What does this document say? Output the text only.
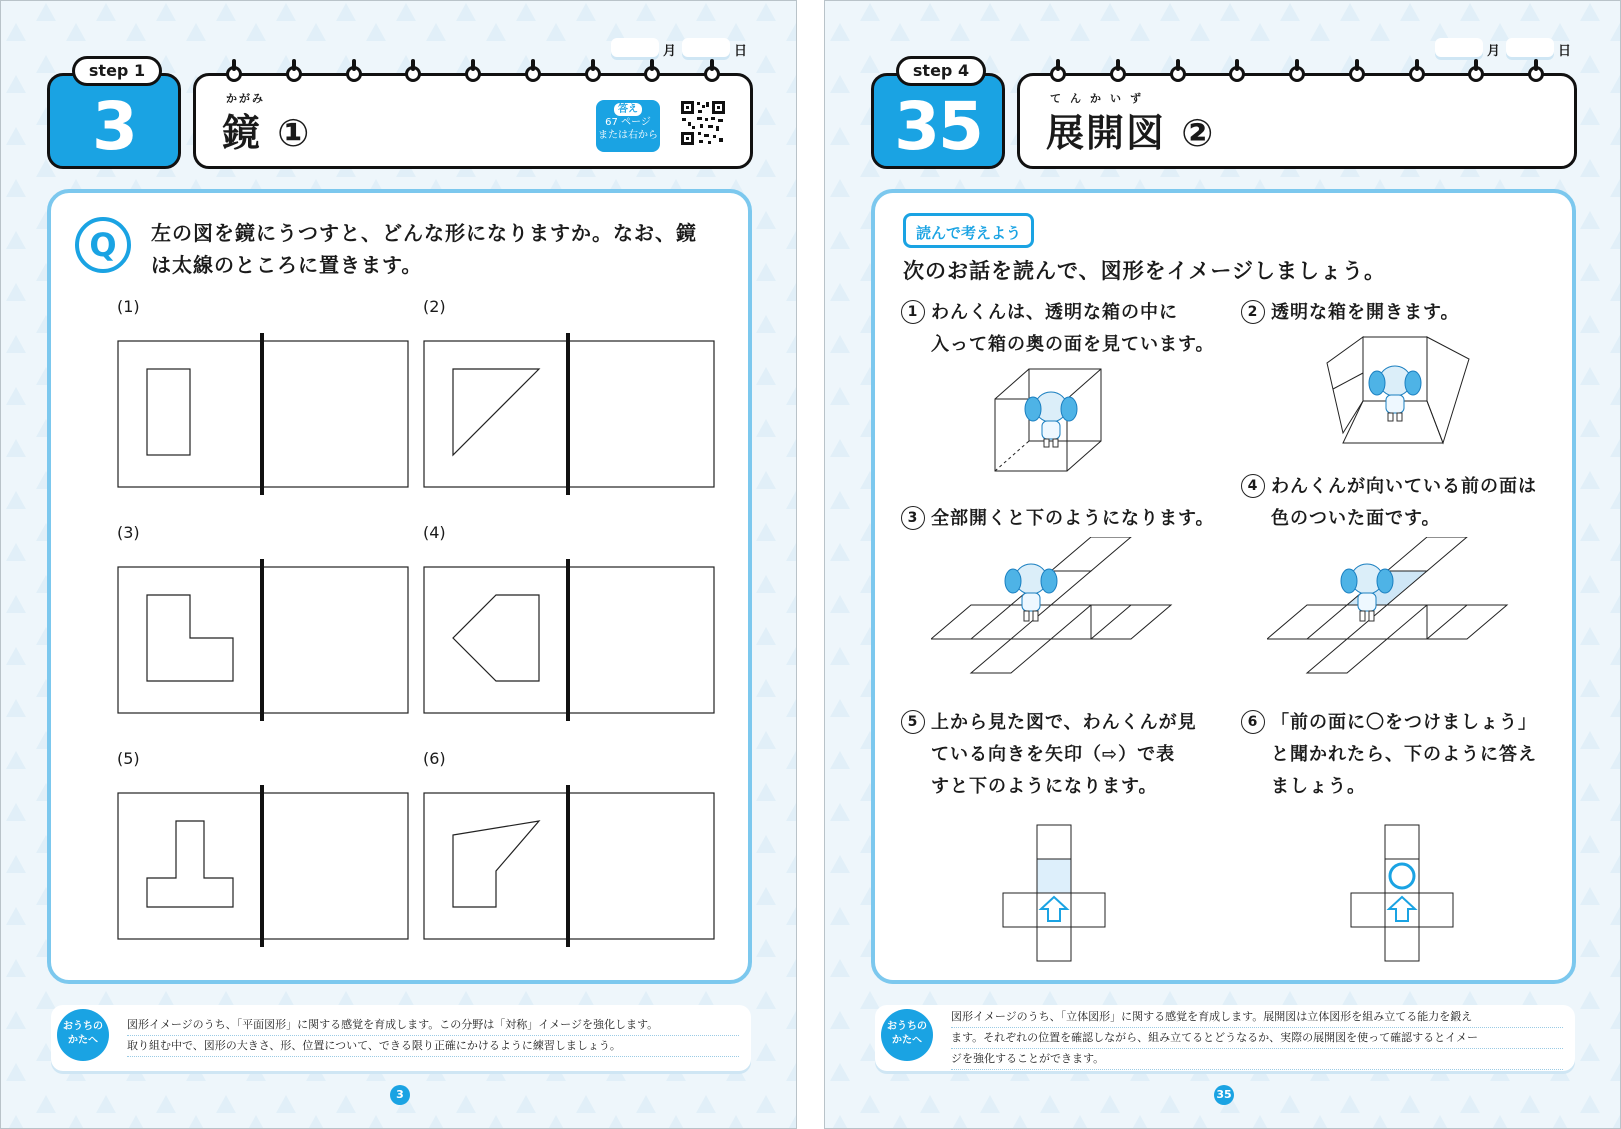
月	日
step 1
3	かがみ
鏡 ①
答え
67 ページ
または右から
Q	左の図を鏡にうつすと、どんな形になりますか。なお、鏡
は太線のところに置きます。
(1)	(2)
(3)	(4)
(5)	(6)
おうちの
かたへ
図形イメージのうち、「平面図形」に関する感覚を育成します。この分野は「対称」イメージを強化します。
取り組む中で、図形の大きさ、形、位置について、できる限り正確にかけるように練習しましょう。
3
月	日
step 4
35	てんかいず
展開図 ②
読んで考えよう
次のお話を読んで、図形をイメージしましょう。
1 わんくんは、透明な箱の中に
入って箱の奥の面を見ています。
2 透明な箱を開きます。
3 全部開くと下のようになります。
4 わんくんが向いている前の面は
色のついた面です。
5 上から見た図で、わんくんが見
ている向きを矢印（⇨）で表
すと下のようになります。
6 「前の面に〇をつけましょう」
と聞かれたら、下のように答え
ましょう。
おうちの
かたへ
図形イメージのうち、「立体図形」に関する感覚を育成します。展開図は立体図形を組み立てる能力を鍛え
ます。それぞれの位置を確認しながら、組み立てるとどうなるか、実際の展開図を使って確認するとイメー
ジを強化することができます。
35
